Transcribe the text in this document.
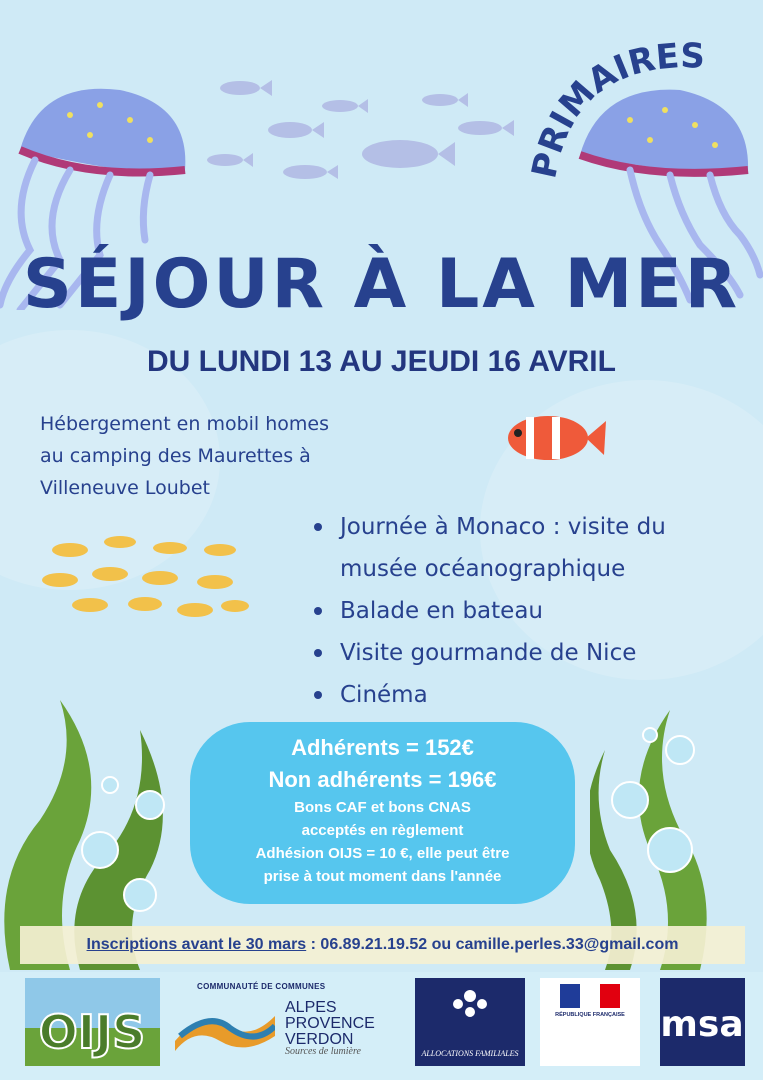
PRIMAIRES
SÉJOUR À LA MER
DU LUNDI 13 AU JEUDI 16 AVRIL
Hébergement en mobil homes
au camping des Maurettes à
Villeneuve Loubet
Journée à Monaco : visite du
musée océanographique
Balade en bateau
Visite gourmande de Nice
Cinéma
Adhérents = 152€
Non adhérents = 196€
Bons CAF et bons CNAS
acceptés en règlement
Adhésion OIJS = 10 €, elle peut être
prise à tout moment dans l'année
Inscriptions avant le 30 mars : 06.89.21.19.52 ou camille.perles.33@gmail.com
OIJS
COMMUNAUTÉ DE COMMUNES
ALPES PROVENCE VERDON
Sources de lumière	ALLOCATIONS FAMILIALES
RÉPUBLIQUE FRANÇAISE msa
